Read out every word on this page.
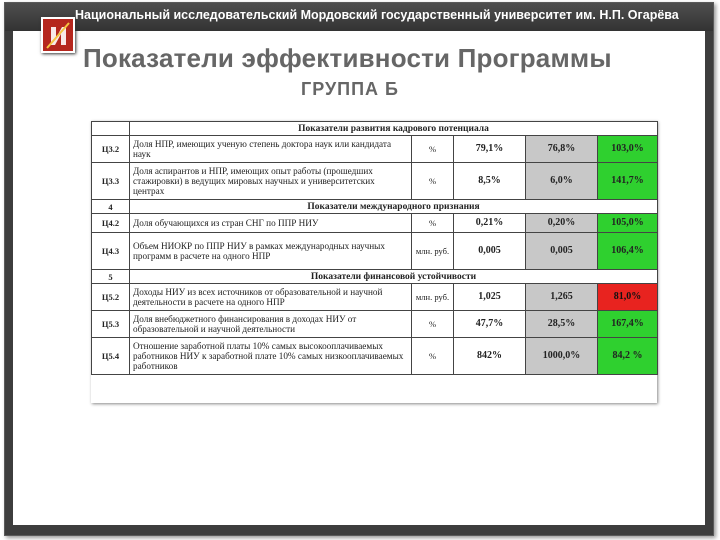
Национальный исследовательский Мордовский государственный университет им. Н.П. Огарёва
Показатели эффективности Программы
ГРУППА Б
	Показатели развития кадрового потенциала				
Ц3.2	Доля НПР, имеющих ученую степень доктора наук или кандидата наук	%	79,1%	76,8%	103,0%
Ц3.3	Доля аспирантов и НПР, имеющих опыт работы (прошедших стажировки) в ведущих мировых научных и университетских центрах	%	8,5%	6,0%	141,7%
4	Показатели международного признания				
Ц4.2	Доля обучающихся из стран СНГ по ППР НИУ	%	0,21%	0,20%	105,0%
Ц4.3	Объем НИОКР по ППР НИУ в рамках международных научных программ в расчете на одного НПР	млн. руб.	0,005	0,005	106,4%
5	Показатели финансовой устойчивости				
Ц5.2	Доходы НИУ из всех источников от образовательной и научной деятельности в расчете на одного НПР	млн. руб.	1,025	1,265	81,0%
Ц5.3	Доля внебюджетного финансирования в доходах НИУ от образовательной и научной деятельности	%	47,7%	28,5%	167,4%
Ц5.4	Отношение заработной платы 10% самых высокооплачиваемых работников НИУ к заработной плате 10% самых низкооплачиваемых работников	%	842%	1000,0%	84,2 %
